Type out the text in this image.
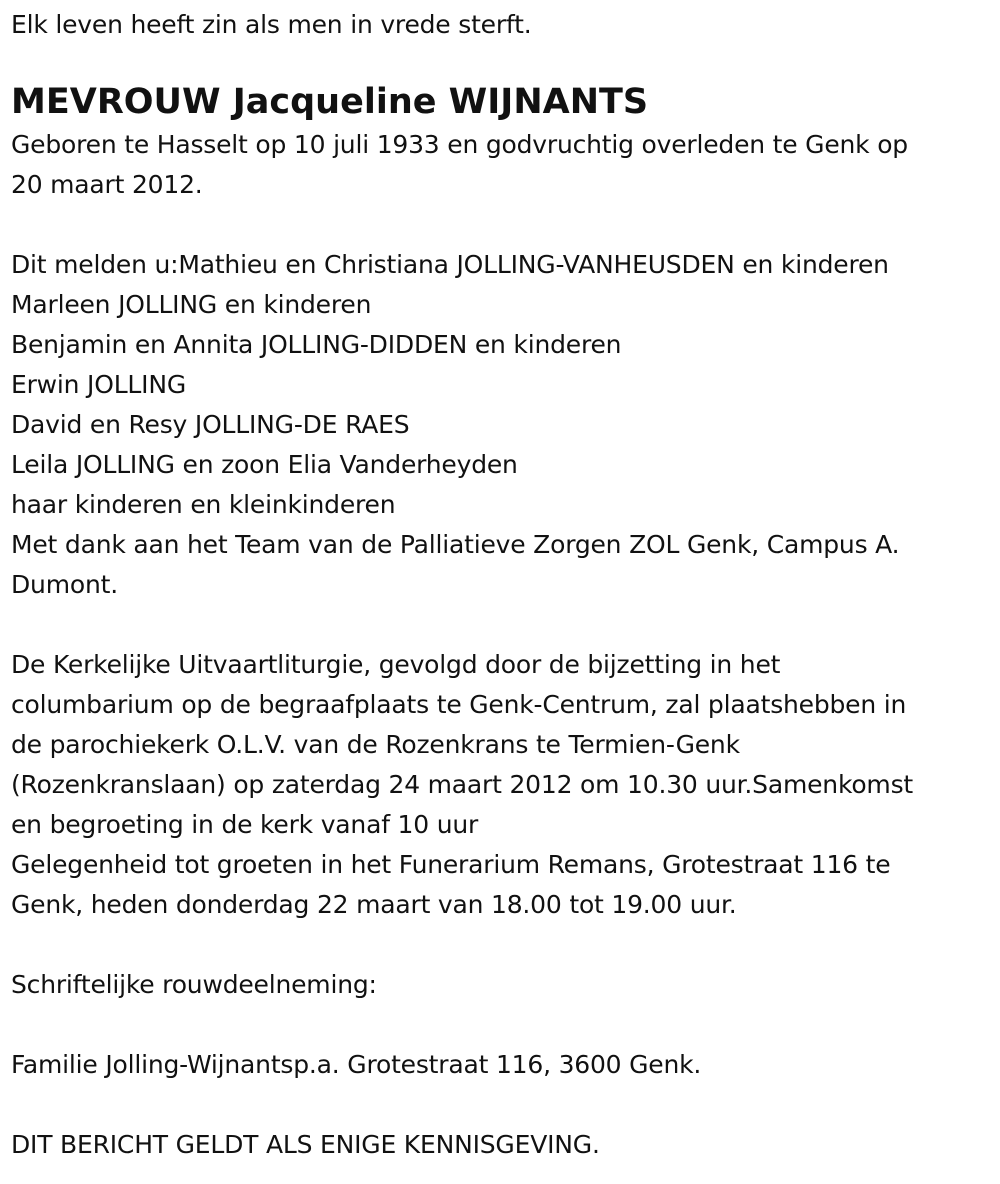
Elk leven heeft zin als men in vrede sterft.
MEVROUW Jacqueline WIJNANTS
Geboren te Hasselt op 10 juli 1933 en godvruchtig overleden te Genk op
20 maart 2012.
Dit melden u:Mathieu en Christiana JOLLING-VANHEUSDEN en kinderen
Marleen JOLLING en kinderen
Benjamin en Annita JOLLING-DIDDEN en kinderen
Erwin JOLLING
David en Resy JOLLING-DE RAES
Leila JOLLING en zoon Elia Vanderheyden
haar kinderen en kleinkinderen
Met dank aan het Team van de Palliatieve Zorgen ZOL Genk, Campus A.
Dumont.
De Kerkelijke Uitvaartliturgie, gevolgd door de bijzetting in het
columbarium op de begraafplaats te Genk-Centrum, zal plaatshebben in
de parochiekerk O.L.V. van de Rozenkrans te Termien-Genk
(Rozenkranslaan) op zaterdag 24 maart 2012 om 10.30 uur.Samenkomst
en begroeting in de kerk vanaf 10 uur
Gelegenheid tot groeten in het Funerarium Remans, Grotestraat 116 te
Genk, heden donderdag 22 maart van 18.00 tot 19.00 uur.
Schriftelijke rouwdeelneming:
Familie Jolling-Wijnantsp.a. Grotestraat 116, 3600 Genk.
DIT BERICHT GELDT ALS ENIGE KENNISGEVING.
